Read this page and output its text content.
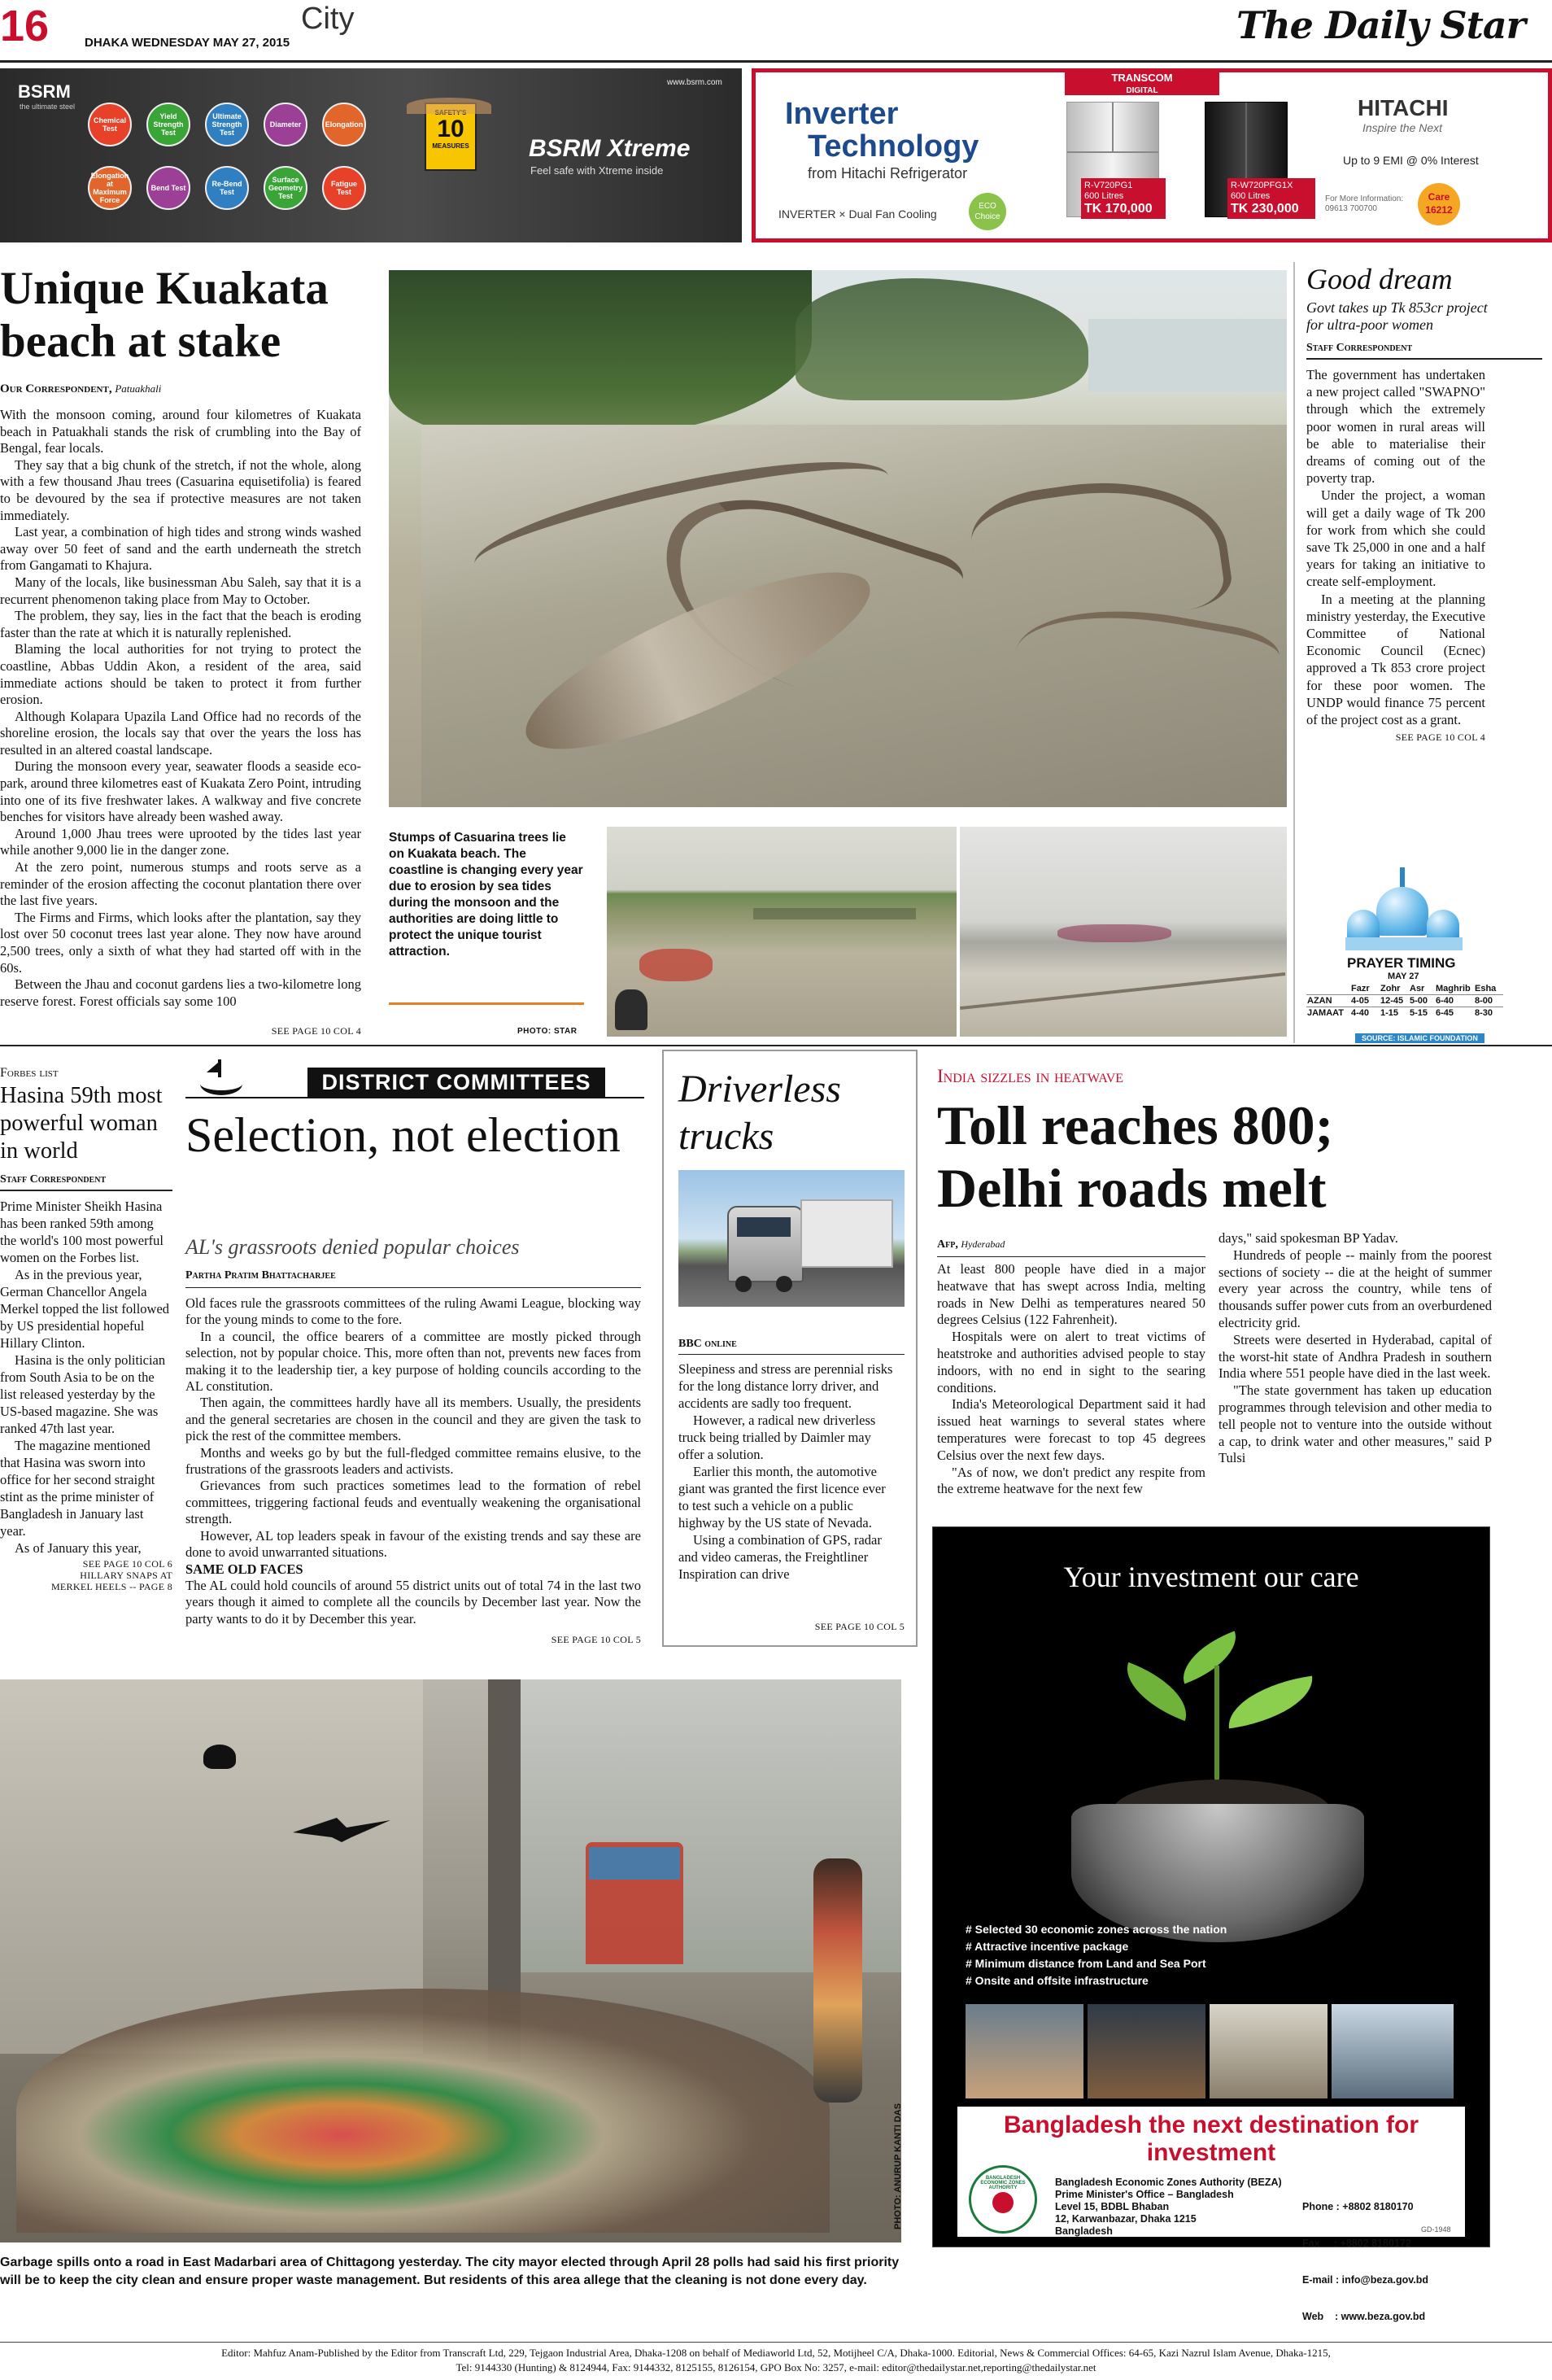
16	DHAKA WEDNESDAY MAY 27, 2015
City	The Daily Star
BSRM
the ultimate steel
www.bsrm.com
Chemical Test
Yield Strength Test
Ultimate Strength Test
Diameter	Elongation
Elongation at Maximum Force
Bend Test	Re-Bend Test
Surface Geometry Test
Fatigue Test
10
MEASURES BSRM Xtreme
Feel safe with Xtreme inside
TRANSCOM
DIGITAL
Inverter
Technology
from Hitachi Refrigerator
INVERTER × Dual Fan Cooling
ECO Choice
R-V720PG1
600 Litres
TK 170,000
R-W720PFG1X
600 Litres
TK 230,000
HITACHI
Inspire the Next
Up to 9 EMI @ 0% Interest
For More Information: 09613 700700
Care 16212
Unique Kuakata
beach at stake
Our Correspondent, Patuakhali

With the monsoon coming, around four kilometres of Kuakata beach in Patuakhali stands the risk of crumbling into the Bay of Bengal, fear locals.

They say that a big chunk of the stretch, if not the whole, along with a few thousand Jhau trees (Casuarina equisetifolia) is feared to be devoured by the sea if protective measures are not taken immediately.

Last year, a combination of high tides and strong winds washed away over 50 feet of sand and the earth underneath the stretch from Gangamati to Khajura.

Many of the locals, like businessman Abu Saleh, say that it is a recurrent phenomenon taking place from May to October.

The problem, they say, lies in the fact that the beach is eroding faster than the rate at which it is naturally replenished.

Blaming the local authorities for not trying to protect the coastline, Abbas Uddin Akon, a resident of the area, said immediate actions should be taken to protect it from further erosion.

Although Kolapara Upazila Land Office had no records of the shoreline erosion, the locals say that over the years the loss has resulted in an altered coastal landscape.

During the monsoon every year, seawater floods a seaside eco-park, around three kilometres east of Kuakata Zero Point, intruding into one of its five freshwater lakes. A walkway and five concrete benches for visitors have already been washed away.

Around 1,000 Jhau trees were uprooted by the tides last year while another 9,000 lie in the danger zone.

At the zero point, numerous stumps and roots serve as a reminder of the erosion affecting the coconut plantation there over the last five years.

The Firms and Firms, which looks after the plantation, say they lost over 50 coconut trees last year alone. They now have around 2,500 trees, only a sixth of what they had started off with in the 60s.

Between the Jhau and coconut gardens lies a two-kilometre long reserve forest. Forest officials say some 100

SEE PAGE 10 COL 4
Stumps of Casuarina trees lie on Kuakata beach. The coastline is changing every year due to erosion by sea tides during the monsoon and the authorities are doing little to protect the unique tourist attraction.
PHOTO: STAR
Good dream
Govt takes up Tk 853cr project for ultra-poor women
Staff Correspondent

The government has undertaken a new project called "SWAPNO" through which the extremely poor women in rural areas will be able to materialise their dreams of coming out of the poverty trap.

Under the project, a woman will get a daily wage of Tk 200 for work from which she could save Tk 25,000 in one and a half years for taking an initiative to create self-employment.

In a meeting at the planning ministry yesterday, the Executive Committee of National Economic Council (Ecnec) approved a Tk 853 crore project for these poor women. The UNDP would finance 75 percent of the project cost as a grant.

SEE PAGE 10 COL 4
PRAYER TIMING
MAY 27
	Fazr	Zohr	Asr	Maghrib	Esha
AZAN	4-05	12-45	5-00	6-40	8-00
JAMAAT	4-40	1-15	5-15	6-45	8-30
SOURCE: ISLAMIC FOUNDATION
Forbes list
Hasina 59th most powerful woman in world
Staff Correspondent

Prime Minister Sheikh Hasina has been ranked 59th among the world's 100 most powerful women on the Forbes list.

As in the previous year, German Chancellor Angela Merkel topped the list followed by US presidential hopeful Hillary Clinton.

Hasina is the only politician from South Asia to be on the list released yesterday by the US-based magazine. She was ranked 47th last year.

The magazine mentioned that Hasina was sworn into office for her second straight stint as the prime minister of Bangladesh in January last year.

As of January this year,

SEE PAGE 10 COL 6
HILLARY SNAPS AT
MERKEL HEELS -- PAGE 8
DISTRICT COMMITTEES
Selection, not election
AL's grassroots denied popular choices
Partha Pratim Bhattacharjee

Old faces rule the grassroots committees of the ruling Awami League, blocking way for the young minds to come to the fore.

In a council, the office bearers of a committee are mostly picked through selection, not by popular choice. This, more often than not, prevents new faces from making it to the leadership tier, a key purpose of holding councils according to the AL constitution.

Then again, the committees hardly have all its members. Usually, the presidents and the general secretaries are chosen in the council and they are given the task to pick the rest of the committee members.

Months and weeks go by but the full-fledged committee remains elusive, to the frustrations of the grassroots leaders and activists.

Grievances from such practices sometimes lead to the formation of rebel committees, triggering factional feuds and eventually weakening the organisational strength.

However, AL top leaders speak in favour of the existing trends and say these are done to avoid unwarranted situations.

SAME OLD FACES

The AL could hold councils of around 55 district units out of total 74 in the last two years though it aimed to complete all the councils by December last year. Now the party wants to do it by December this year.

SEE PAGE 10 COL 5
Driverless trucks
BBC online

Sleepiness and stress are perennial risks for the long distance lorry driver, and accidents are sadly too frequent.

However, a radical new driverless truck being trialled by Daimler may offer a solution.

Earlier this month, the automotive giant was granted the first licence ever to test such a vehicle on a public highway by the US state of Nevada.

Using a combination of GPS, radar and video cameras, the Freightliner Inspiration can drive

SEE PAGE 10 COL 5
India sizzles in heatwave
Toll reaches 800;
Delhi roads melt
Afp, Hyderabad

At least 800 people have died in a major heatwave that has swept across India, melting roads in New Delhi as temperatures neared 50 degrees Celsius (122 Fahrenheit).

Hospitals were on alert to treat victims of heatstroke and authorities advised people to stay indoors, with no end in sight to the searing conditions.

India's Meteorological Department said it had issued heat warnings to several states where temperatures were forecast to top 45 degrees Celsius over the next few days.

"As of now, we don't predict any respite from the extreme heatwave for the next few

days," said spokesman BP Yadav.

Hundreds of people -- mainly from the poorest sections of society -- die at the height of summer every year across the country, while tens of thousands suffer power cuts from an overburdened electricity grid.

Streets were deserted in Hyderabad, capital of the worst-hit state of Andhra Pradesh in southern India where 551 people have died in the last week.

"The state government has taken up education programmes through television and other media to tell people not to venture into the outside without a cap, to drink water and other measures," said P Tulsi

Your investment our care
# Selected 30 economic zones across the nation
# Attractive incentive package
# Minimum distance from Land and Sea Port
# Onsite and offsite infrastructure
Bangladesh the next destination for investment
BANGLADESH ECONOMIC ZONES AUTHORITY	Bangladesh Economic Zones Authority (BEZA)
Prime Minister's Office – Bangladesh
Level 15, BDBL Bhaban
12, Karwanbazar, Dhaka 1215
Bangladesh

Phone : +8802 8180170

Fax     : +8802 8180172

E-mail : info@beza.gov.bd

Web    : www.beza.gov.bd

GD-1948
PHOTO: ANURUP KANTI DAS
Garbage spills onto a road in East Madarbari area of Chittagong yesterday. The city mayor elected through April 28 polls had said his first priority will be to keep the city clean and ensure proper waste management. But residents of this area allege that the cleaning is not done every day.
Editor: Mahfuz Anam-Published by the Editor from Transcraft Ltd, 229, Tejgaon Industrial Area, Dhaka-1208 on behalf of Mediaworld Ltd, 52, Motijheel C/A, Dhaka-1000. Editorial, News & Commercial Offices: 64-65, Kazi Nazrul Islam Avenue, Dhaka-1215,
Tel: 9144330 (Hunting) & 8124944, Fax: 9144332, 8125155, 8126154, GPO Box No: 3257, e-mail: editor@thedailystar.net,reporting@thedailystar.net
